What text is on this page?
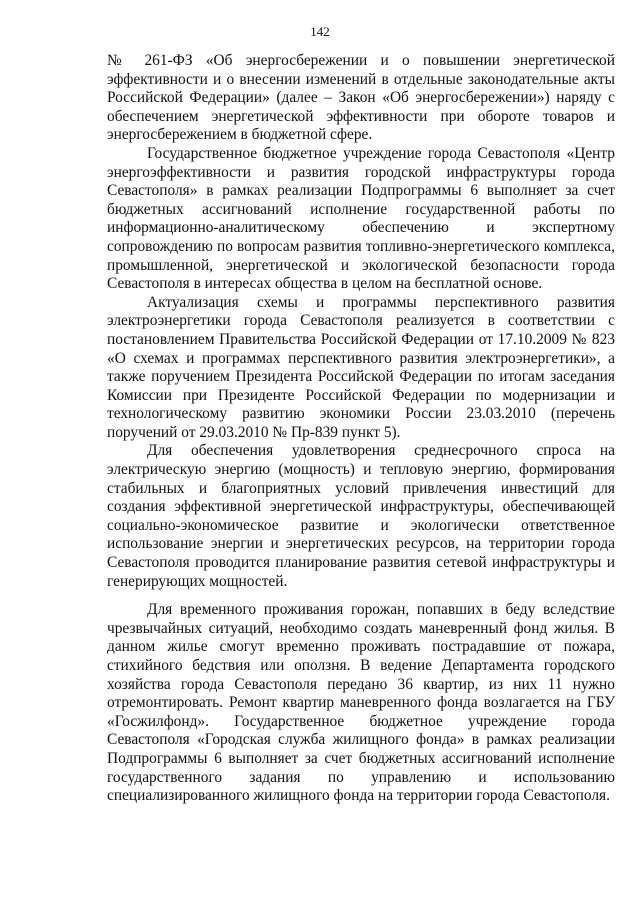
142

№ 261-ФЗ «Об энергосбережении и о повышении энергетической эффективности и о внесении изменений в отдельные законодательные акты Российской Федерации» (далее – Закон «Об энергосбережении») наряду с обеспечением энергетической эффективности при обороте товаров и энергосбережением в бюджетной сфере.

Государственное бюджетное учреждение города Севастополя «Центр энергоэффективности и развития городской инфраструктуры города Севастополя» в рамках реализации Подпрограммы 6 выполняет за счет бюджетных ассигнований исполнение государственной работы по информационно-аналитическому обеспечению и экспертному сопровождению по вопросам развития топливно-энергетического комплекса, промышленной, энергетической и экологической безопасности города Севастополя в интересах общества в целом на бесплатной основе.

Актуализация схемы и программы перспективного развития электроэнергетики города Севастополя реализуется в соответствии с постановлением Правительства Российской Федерации от 17.10.2009 № 823 «О схемах и программах перспективного развития электроэнергетики», а также поручением Президента Российской Федерации по итогам заседания Комиссии при Президенте Российской Федерации по модернизации и технологическому развитию экономики России 23.03.2010 (перечень поручений от 29.03.2010 № Пр-839 пункт 5).

Для обеспечения удовлетворения среднесрочного спроса на электрическую энергию (мощность) и тепловую энергию, формирования стабильных и благоприятных условий привлечения инвестиций для создания эффективной энергетической инфраструктуры, обеспечивающей социально-экономическое развитие и экологически ответственное использование энергии и энергетических ресурсов, на территории города Севастополя проводится планирование развития сетевой инфраструктуры и генерирующих мощностей.

Для временного проживания горожан, попавших в беду вследствие чрезвычайных ситуаций, необходимо создать маневренный фонд жилья. В данном жилье смогут временно проживать пострадавшие от пожара, стихийного бедствия или оползня. В ведение Департамента городского хозяйства города Севастополя передано 36 квартир, из них 11 нужно отремонтировать. Ремонт квартир маневренного фонда возлагается на ГБУ «Госжилфонд». Государственное бюджетное учреждение города Севастополя «Городская служба жилищного фонда» в рамках реализации Подпрограммы 6 выполняет за счет бюджетных ассигнований исполнение государственного задания по управлению и использованию специализированного жилищного фонда на территории города Севастополя.
